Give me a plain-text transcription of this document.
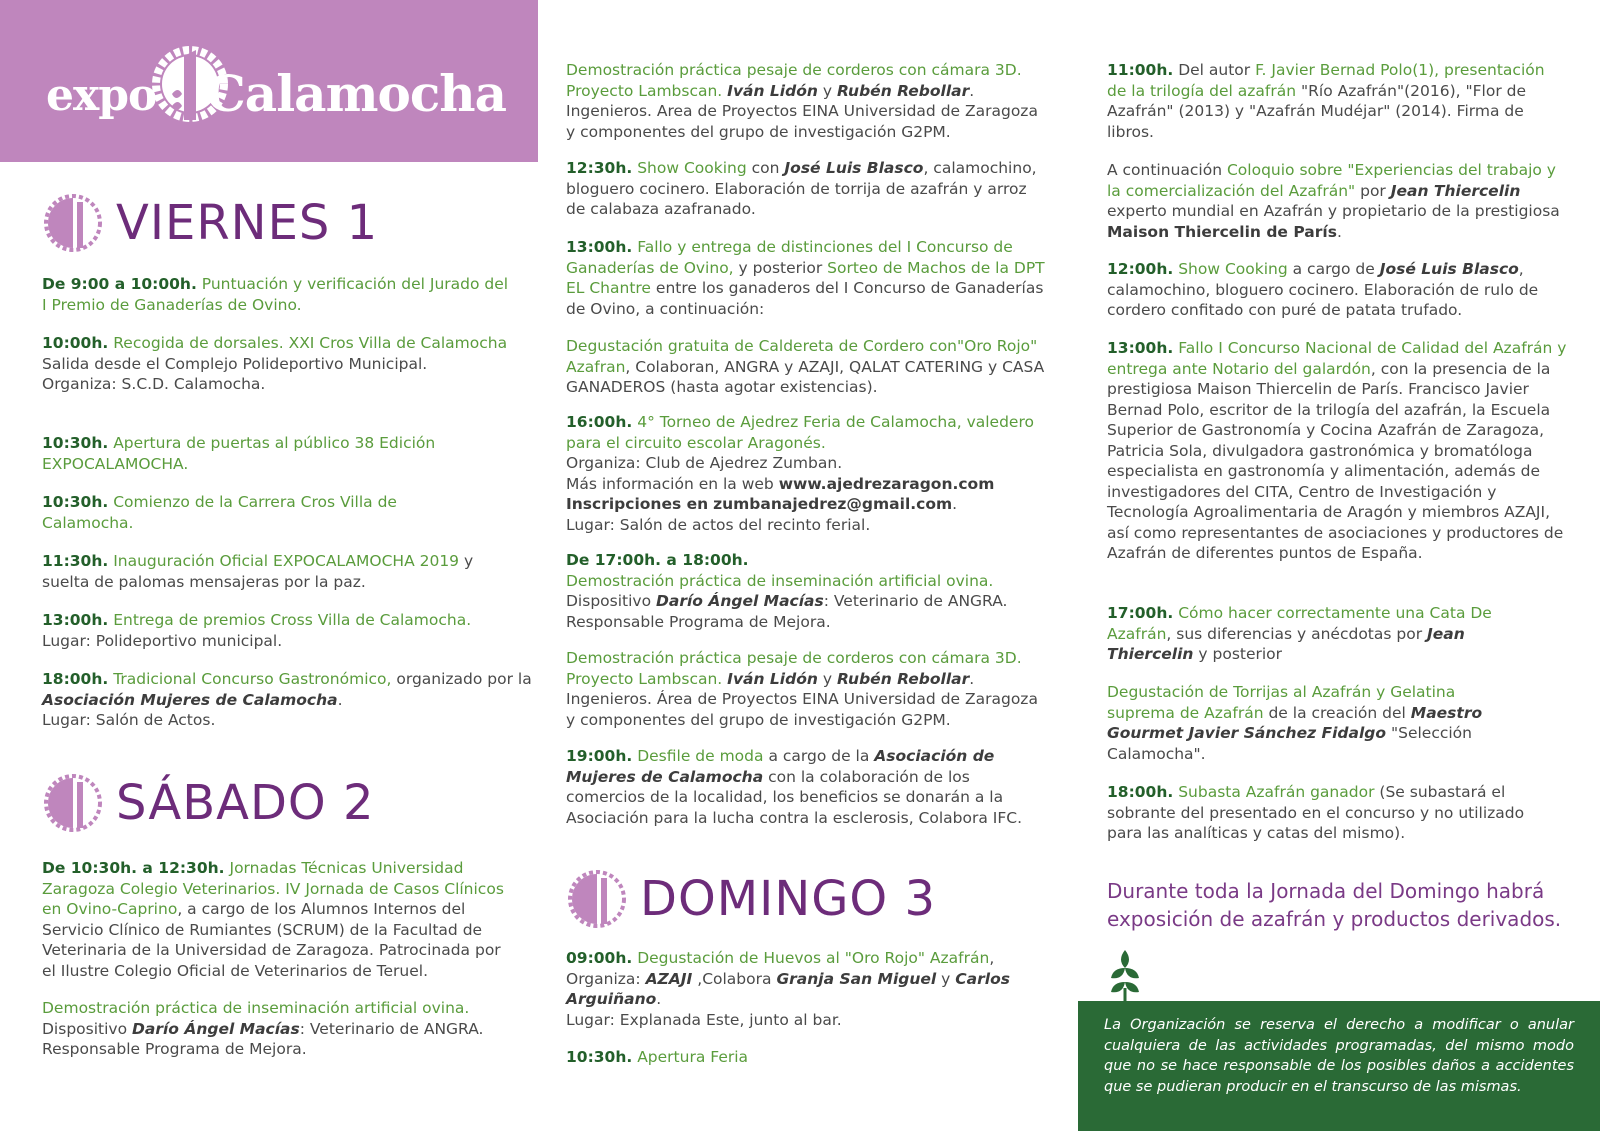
expo Calamocha
VIERNES 1
De 9:00 a 10:00h. Puntuación y verificación del Jurado del I Premio de Ganaderías de Ovino.
10:00h. Recogida de dorsales. XXI Cros Villa de Calamocha
Salida desde el Complejo Polideportivo Municipal.
Organiza: S.C.D. Calamocha.
10:30h. Apertura de puertas al público 38 Edición EXPOCALAMOCHA.
10:30h. Comienzo de la Carrera Cros Villa de Calamocha.
11:30h. Inauguración Oficial EXPOCALAMOCHA 2019 y suelta de palomas mensajeras por la paz.
13:00h. Entrega de premios Cross Villa de Calamocha.
Lugar: Polideportivo municipal.
18:00h. Tradicional Concurso Gastronómico, organizado por la Asociación Mujeres de Calamocha.
Lugar: Salón de Actos.
SÁBADO 2
De 10:30h. a 12:30h. Jornadas Técnicas Universidad Zaragoza Colegio Veterinarios. IV Jornada de Casos Clínicos en Ovino-Caprino, a cargo de los Alumnos Internos del Servicio Clínico de Rumiantes (SCRUM) de la Facultad de Veterinaria de la Universidad de Zaragoza. Patrocinada por el Ilustre Colegio Oficial de Veterinarios de Teruel.
Demostración práctica de inseminación artificial ovina.
Dispositivo Darío Ángel Macías: Veterinario de ANGRA. Responsable Programa de Mejora.
Demostración práctica pesaje de corderos con cámara 3D. Proyecto Lambscan. Iván Lidón y Rubén Rebollar.
Ingenieros. Area de Proyectos EINA Universidad de Zaragoza y componentes del grupo de investigación G2PM.
12:30h. Show Cooking con José Luis Blasco, calamochino, bloguero cocinero. Elaboración de torrija de azafrán y arroz de calabaza azafranado.
13:00h. Fallo y entrega de distinciones del I Concurso de Ganaderías de Ovino, y posterior Sorteo de Machos de la DPT EL Chantre entre los ganaderos del I Concurso de Ganaderías de Ovino, a continuación:
Degustación gratuita de Caldereta de Cordero con"Oro Rojo" Azafran, Colaboran, ANGRA y AZAJI, QALAT CATERING y CASA GANADEROS (hasta agotar existencias).
16:00h. 4° Torneo de Ajedrez Feria de Calamocha, valedero para el circuito escolar Aragonés.
Organiza: Club de Ajedrez Zumban.
Más información en la web www.ajedrezaragon.com
Inscripciones en zumbanajedrez@gmail.com.
Lugar: Salón de actos del recinto ferial.
De 17:00h. a 18:00h.
Demostración práctica de inseminación artificial ovina.
Dispositivo Darío Ángel Macías: Veterinario de ANGRA. Responsable Programa de Mejora.
Demostración práctica pesaje de corderos con cámara 3D. Proyecto Lambscan. Iván Lidón y Rubén Rebollar.
Ingenieros. Área de Proyectos EINA Universidad de Zaragoza y componentes del grupo de investigación G2PM.
19:00h. Desfile de moda a cargo de la Asociación de Mujeres de Calamocha con la colaboración de los comercios de la localidad, los beneficios se donarán a la Asociación para la lucha contra la esclerosis, Colabora IFC.
DOMINGO 3
09:00h. Degustación de Huevos al "Oro Rojo" Azafrán,
Organiza: AZAJI ,Colabora Granja San Miguel y Carlos Arguiñano.
Lugar: Explanada Este, junto al bar.
10:30h. Apertura Feria
11:00h. Del autor F. Javier Bernad Polo(1), presentación de la trilogía del azafrán "Río Azafrán"(2016), "Flor de Azafrán" (2013) y "Azafrán Mudéjar" (2014). Firma de libros.
A continuación Coloquio sobre "Experiencias del trabajo y la comercialización del Azafrán" por Jean Thiercelin experto mundial en Azafrán y propietario de la prestigiosa Maison Thiercelin de París.
12:00h. Show Cooking a cargo de José Luis Blasco, calamochino, bloguero cocinero. Elaboración de rulo de cordero confitado con puré de patata trufado.
13:00h. Fallo I Concurso Nacional de Calidad del Azafrán y entrega ante Notario del galardón, con la presencia de la prestigiosa Maison Thiercelin de París. Francisco Javier Bernad Polo, escritor de la trilogía del azafrán, la Escuela Superior de Gastronomía y Cocina Azafrán de Zaragoza, Patricia Sola, divulgadora gastronómica y bromatóloga especialista en gastronomía y alimentación, además de investigadores del CITA, Centro de Investigación y Tecnología Agroalimentaria de Aragón y miembros AZAJI, así como representantes de asociaciones y productores de Azafrán de diferentes puntos de España.
17:00h. Cómo hacer correctamente una Cata De Azafrán, sus diferencias y anécdotas por Jean Thiercelin y posterior
Degustación de Torrijas al Azafrán y Gelatina suprema de Azafrán de la creación del Maestro Gourmet Javier Sánchez Fidalgo "Selección Calamocha".
18:00h. Subasta Azafrán ganador (Se subastará el sobrante del presentado en el concurso y no utilizado para las analíticas y catas del mismo).
Durante toda la Jornada del Domingo habrá exposición de azafrán y productos derivados.
La Organización se reserva el derecho a modificar o anular cualquiera de las actividades programadas, del mismo modo que no se hace responsable de los posibles daños a accidentes que se pudieran producir en el transcurso de las mismas.
